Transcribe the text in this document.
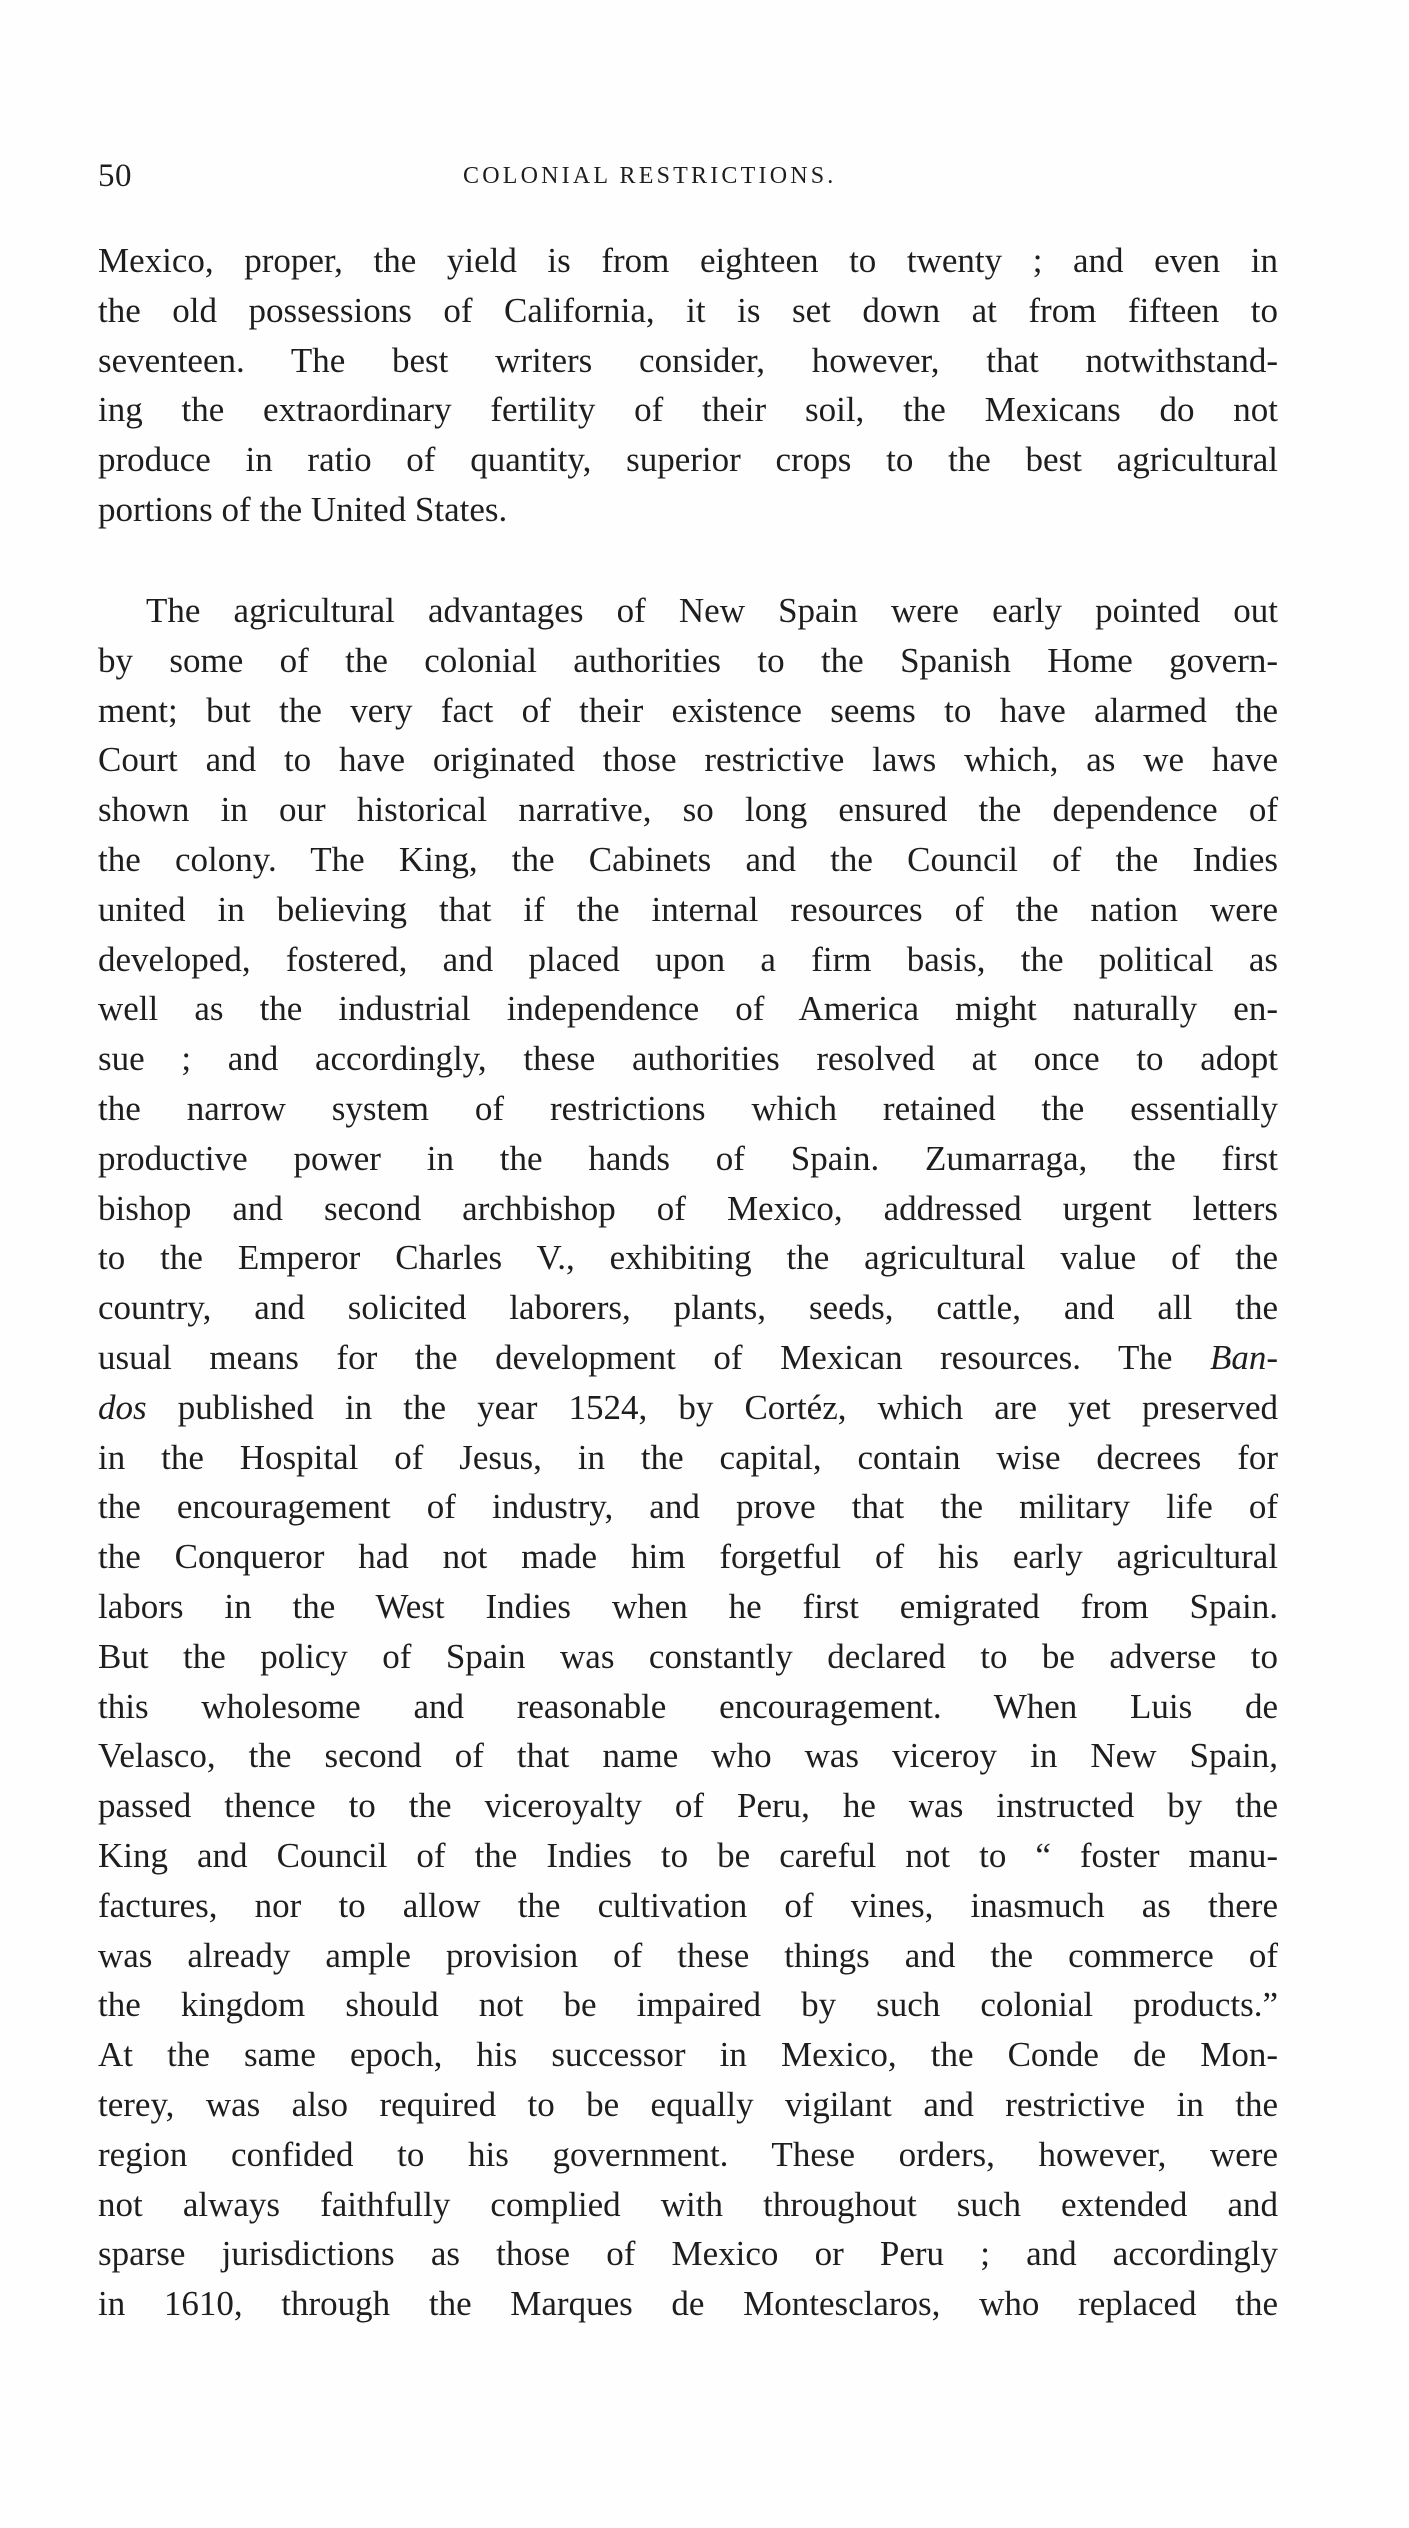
50	COLONIAL RESTRICTIONS.
Mexico, proper, the yield is from eighteen to twenty ; and even in
the old possessions of California, it is set down at from fifteen to
seventeen. The best writers consider, however, that notwithstand-
ing the extraordinary fertility of their soil, the Mexicans do not
produce in ratio of quantity, superior crops to the best agricultural
portions of the United States.
The agricultural advantages of New Spain were early pointed out
by some of the colonial authorities to the Spanish Home govern-
ment; but the very fact of their existence seems to have alarmed the
Court and to have originated those restrictive laws which, as we have
shown in our historical narrative, so long ensured the dependence of
the colony. The King, the Cabinets and the Council of the Indies
united in believing that if the internal resources of the nation were
developed, fostered, and placed upon a firm basis, the political as
well as the industrial independence of America might naturally en-
sue ; and accordingly, these authorities resolved at once to adopt
the narrow system of restrictions which retained the essentially
productive power in the hands of Spain. Zumarraga, the first
bishop and second archbishop of Mexico, addressed urgent letters
to the Emperor Charles V., exhibiting the agricultural value of the
country, and solicited laborers, plants, seeds, cattle, and all the
usual means for the development of Mexican resources. The Ban-
dos published in the year 1524, by Cortéz, which are yet preserved
in the Hospital of Jesus, in the capital, contain wise decrees for
the encouragement of industry, and prove that the military life of
the Conqueror had not made him forgetful of his early agricultural
labors in the West Indies when he first emigrated from Spain.
But the policy of Spain was constantly declared to be adverse to
this wholesome and reasonable encouragement. When Luis de
Velasco, the second of that name who was viceroy in New Spain,
passed thence to the viceroyalty of Peru, he was instructed by the
King and Council of the Indies to be careful not to “ foster manu-
factures, nor to allow the cultivation of vines, inasmuch as there
was already ample provision of these things and the commerce of
the kingdom should not be impaired by such colonial products.”
At the same epoch, his successor in Mexico, the Conde de Mon-
terey, was also required to be equally vigilant and restrictive in the
region confided to his government. These orders, however, were
not always faithfully complied with throughout such extended and
sparse jurisdictions as those of Mexico or Peru ; and accordingly
in 1610, through the Marques de Montesclaros, who replaced the
